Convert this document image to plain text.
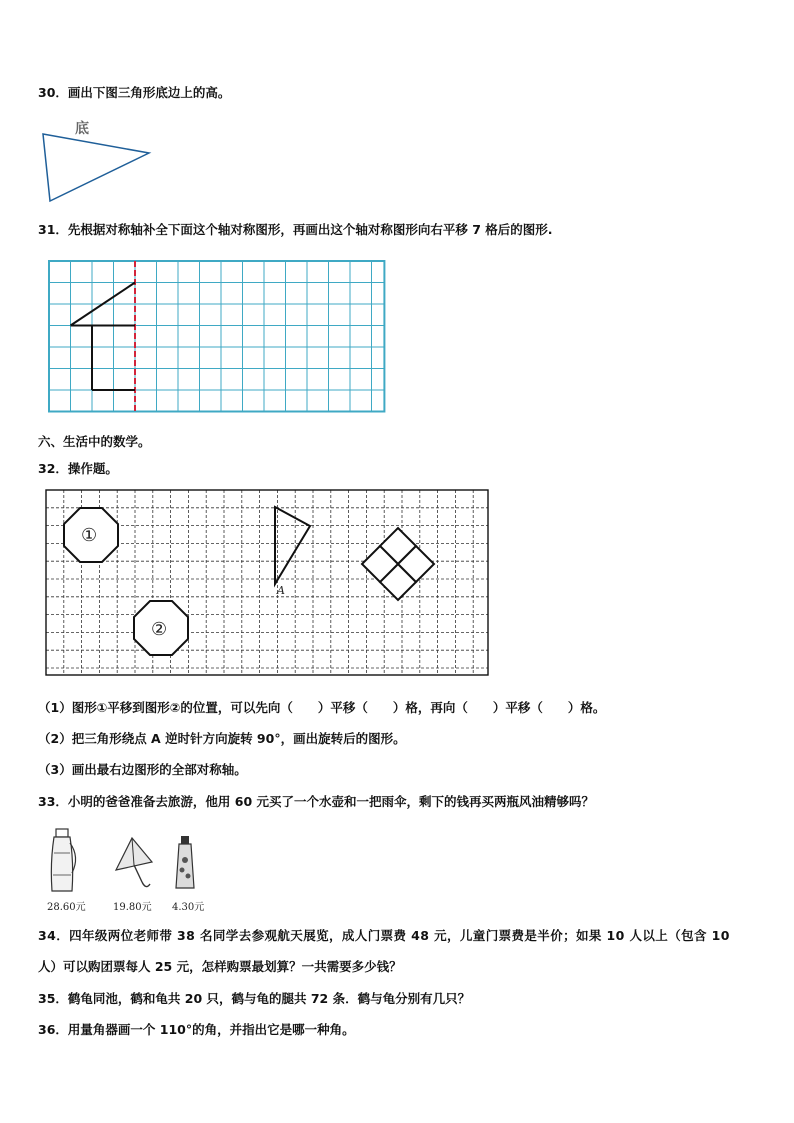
30．画出下图三角形底边上的高。
底
31．先根据对称轴补全下面这个轴对称图形，再画出这个轴对称图形向右平移 7 格后的图形.
六、生活中的数学。
32．操作题。
①
②
A
（1）图形①平移到图形②的位置，可以先向（　　）平移（　　）格，再向（　　）平移（　　）格。
（2）把三角形绕点 A 逆时针方向旋转 90°，画出旋转后的图形。
（3）画出最右边图形的全部对称轴。
33．小明的爸爸准备去旅游，他用 60 元买了一个水壶和一把雨伞，剩下的钱再买两瓶风油精够吗？
28.60元	19.80元 4.30元
34．四年级两位老师带 38 名同学去参观航天展览，成人门票费 48 元，儿童门票费是半价；如果 10 人以上（包含 10
人）可以购团票每人 25 元，怎样购票最划算？一共需要多少钱？
35．鹤龟同池，鹤和龟共 20 只，鹤与龟的腿共 72 条．鹤与龟分别有几只？
36．用量角器画一个 110°的角，并指出它是哪一种角。
